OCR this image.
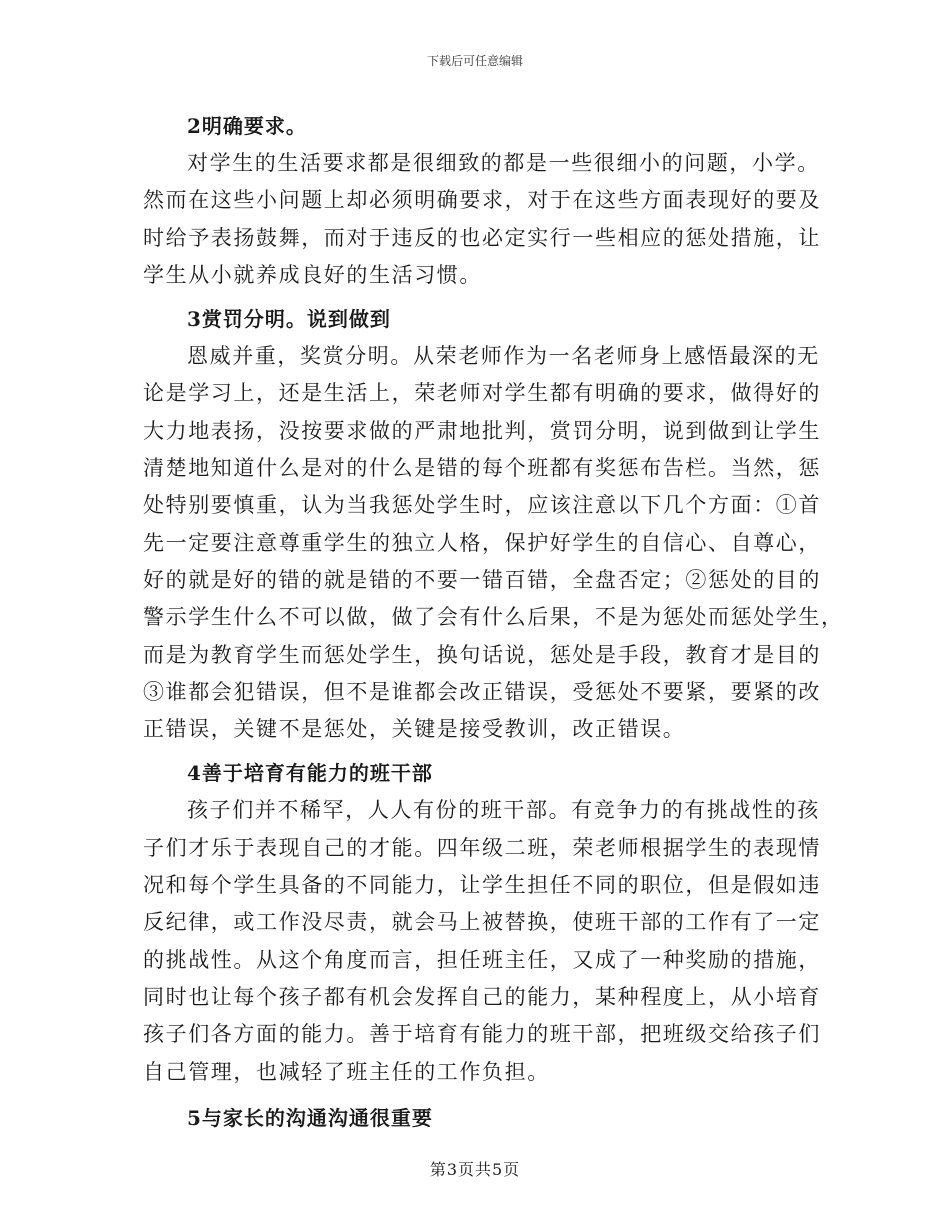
下载后可任意编辑

2明确要求。

对学生的生活要求都是很细致的都是一些很细小的问题，小学。

然而在这些小问题上却必须明确要求，对于在这些方面表现好的要及

时给予表扬鼓舞，而对于违反的也必定实行一些相应的惩处措施，让

学生从小就养成良好的生活习惯。

3赏罚分明。说到做到

恩威并重，奖赏分明。从荣老师作为一名老师身上感悟最深的无

论是学习上，还是生活上，荣老师对学生都有明确的要求，做得好的

大力地表扬，没按要求做的严肃地批判，赏罚分明，说到做到让学生

清楚地知道什么是对的什么是错的每个班都有奖惩布告栏。当然，惩

处特别要慎重，认为当我惩处学生时，应该注意以下几个方面：①首

先一定要注意尊重学生的独立人格，保护好学生的自信心、自尊心，

好的就是好的错的就是错的不要一错百错，全盘否定；②惩处的目的

警示学生什么不可以做，做了会有什么后果，不是为惩处而惩处学生，

而是为教育学生而惩处学生，换句话说，惩处是手段，教育才是目的

③谁都会犯错误，但不是谁都会改正错误，受惩处不要紧，要紧的改

正错误，关键不是惩处，关键是接受教训，改正错误。

4善于培育有能力的班干部

孩子们并不稀罕，人人有份的班干部。有竞争力的有挑战性的孩

子们才乐于表现自己的才能。四年级二班，荣老师根据学生的表现情

况和每个学生具备的不同能力，让学生担任不同的职位，但是假如违

反纪律，或工作没尽责，就会马上被替换，使班干部的工作有了一定

的挑战性。从这个角度而言，担任班主任，又成了一种奖励的措施，

同时也让每个孩子都有机会发挥自己的能力，某种程度上，从小培育

孩子们各方面的能力。善于培育有能力的班干部，把班级交给孩子们

自己管理，也减轻了班主任的工作负担。

5与家长的沟通沟通很重要

第3页共5页
